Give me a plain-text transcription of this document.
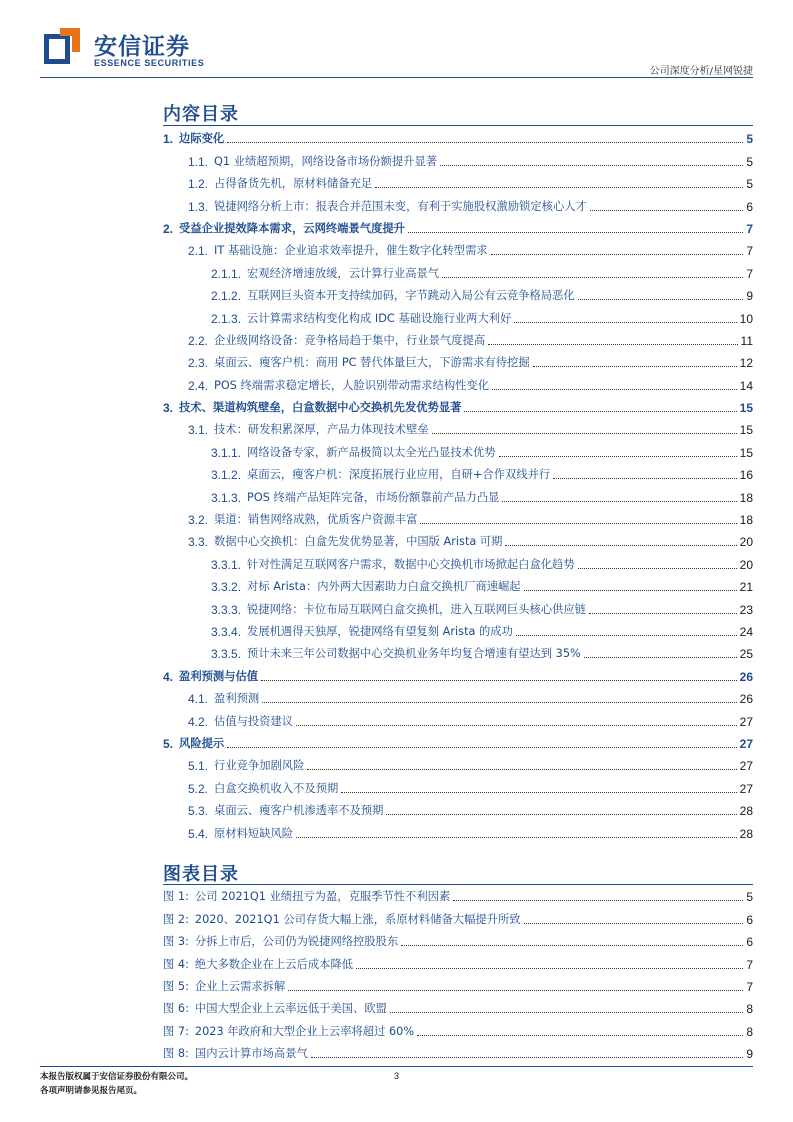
安信证券
ESSENCE SECURITIES
公司深度分析/星网锐捷
内容目录
1. 边际变化	5
1.1. Q1 业绩超预期，网络设备市场份额提升显著	5
1.2. 占得备货先机，原材料储备充足	5
1.3. 锐捷网络分析上市：报表合并范围未变，有利于实施股权激励锁定核心人才	6
2. 受益企业提效降本需求，云网终端景气度提升	7
2.1. IT 基础设施：企业追求效率提升，催生数字化转型需求	7
2.1.1. 宏观经济增速放缓，云计算行业高景气	7
2.1.2. 互联网巨头资本开支持续加码，字节跳动入局公有云竞争格局恶化	9
2.1.3. 云计算需求结构变化构成 IDC 基础设施行业两大利好	10
2.2. 企业级网络设备：竞争格局趋于集中，行业景气度提高	11
2.3. 桌面云、瘦客户机：商用 PC 替代体量巨大，下游需求有待挖掘	12
2.4. POS 终端需求稳定增长，人脸识别带动需求结构性变化	14
3. 技术、渠道构筑壁垒，白盒数据中心交换机先发优势显著	15
3.1. 技术：研发积累深厚，产品力体现技术壁垒	15
3.1.1. 网络设备专家，新产品极简以太全光凸显技术优势	15
3.1.2. 桌面云，瘦客户机：深度拓展行业应用，自研+合作双线并行	16
3.1.3. POS 终端产品矩阵完备，市场份额靠前产品力凸显	18
3.2. 渠道：销售网络成熟，优质客户资源丰富	18
3.3. 数据中心交换机：白盒先发优势显著，中国版 Arista 可期	20
3.3.1. 针对性满足互联网客户需求，数据中心交换机市场掀起白盒化趋势	20
3.3.2. 对标 Arista：内外两大因素助力白盒交换机厂商速崛起	21
3.3.3. 锐捷网络：卡位布局互联网白盒交换机，进入互联网巨头核心供应链	23
3.3.4. 发展机遇得天独厚，锐捷网络有望复刻 Arista 的成功	24
3.3.5. 预计未来三年公司数据中心交换机业务年均复合增速有望达到 35%	25
4. 盈利预测与估值	26
4.1. 盈利预测	26
4.2. 估值与投资建议	27
5. 风险提示	27
5.1. 行业竞争加剧风险	27
5.2. 白盒交换机收入不及预期	27
5.3. 桌面云、瘦客户机渗透率不及预期	28
5.4. 原材料短缺风险	28
图表目录
图 1: 公司 2021Q1 业绩扭亏为盈，克服季节性不利因素	5
图 2: 2020、2021Q1 公司存货大幅上涨，系原材料储备大幅提升所致	6
图 3: 分拆上市后，公司仍为锐捷网络控股股东	6
图 4: 绝大多数企业在上云后成本降低	7
图 5: 企业上云需求拆解	7
图 6: 中国大型企业上云率远低于美国、欧盟	8
图 7: 2023 年政府和大型企业上云率将超过 60%	8
图 8: 国内云计算市场高景气	9
本报告版权属于安信证券股份有限公司。
各项声明请参见报告尾页。
3
